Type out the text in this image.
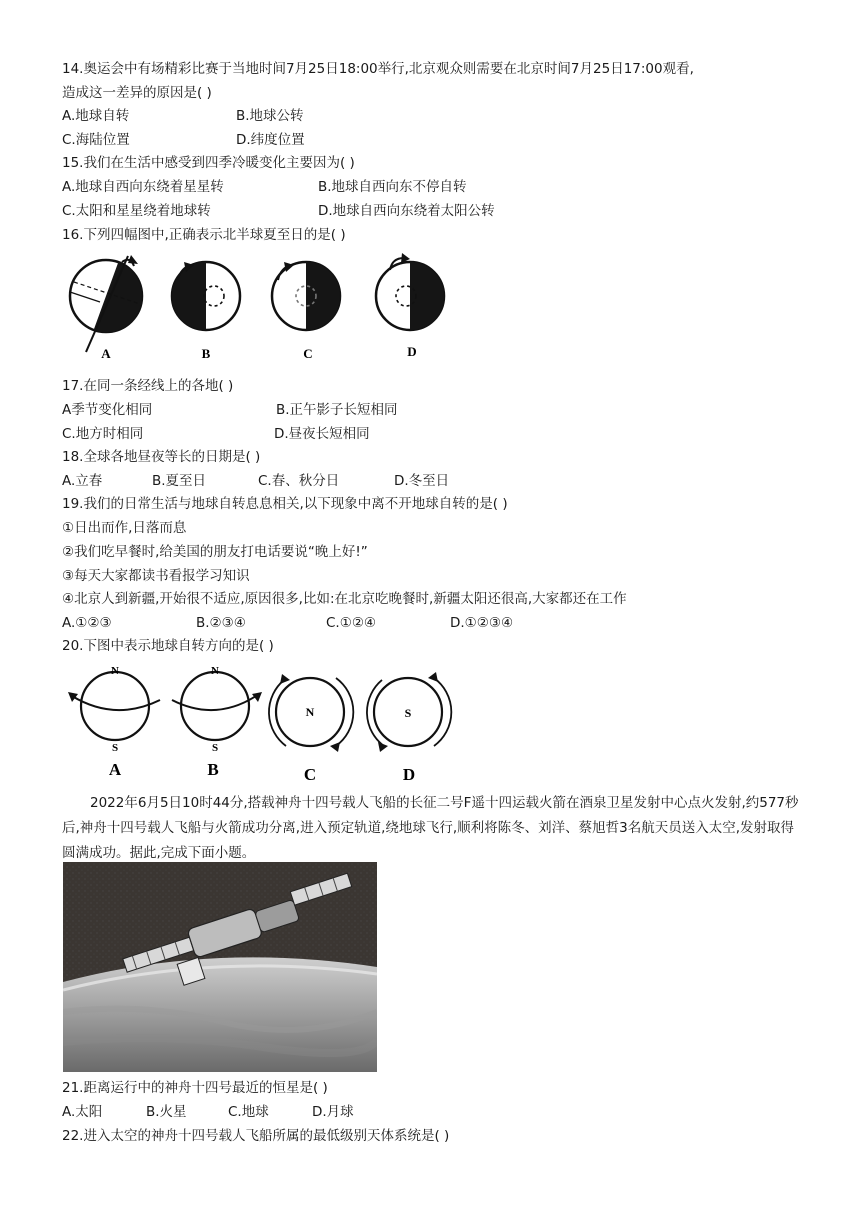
14.奥运会中有场精彩比赛于当地时间7月25日18:00举行,北京观众则需要在北京时间7月25日17:00观看,
造成这一差异的原因是( )
A.地球自转	B.地球公转
C.海陆位置	D.纬度位置
15.我们在生活中感受到四季冷暖变化主要因为( )
A.地球自西向东绕着星星转	B.地球自西向东不停自转
C.太阳和星星绕着地球转	D.地球自西向东绕着太阳公转
16.下列四幅图中,正确表示北半球夏至日的是( )
A	B	C	D
17.在同一条经线上的各地( )
A季节变化相同	B.正午影子长短相同
C.地方时相同	D.昼夜长短相同
18.全球各地昼夜等长的日期是( )
A.立春	B.夏至日	C.春、秋分日	D.冬至日
19.我们的日常生活与地球自转息息相关,以下现象中离不开地球自转的是( )
①日出而作,日落而息
②我们吃早餐时,给美国的朋友打电话要说“晚上好!”
③每天大家都读书看报学习知识
④北京人到新疆,开始很不适应,原因很多,比如:在北京吃晚餐时,新疆太阳还很高,大家都还在工作
A.①②③	B.②③④	C.①②④	D.①②③④
20.下图中表示地球自转方向的是( )
N
S
N
S
N	S
A	B	C	D
2022年6月5日10时44分,搭载神舟十四号载人飞船的长征二号F遥十四运载火箭在酒泉卫星发射中心点火发射,约577秒后,神舟十四号载人飞船与火箭成功分离,进入预定轨道,绕地球飞行,顺利将陈冬、刘洋、蔡旭哲3名航天员送入太空,发射取得圆满成功。据此,完成下面小题。
21.距离运行中的神舟十四号最近的恒星是( )
A.太阳	B.火星	C.地球	D.月球
22.进入太空的神舟十四号载人飞船所属的最低级别天体系统是( )
